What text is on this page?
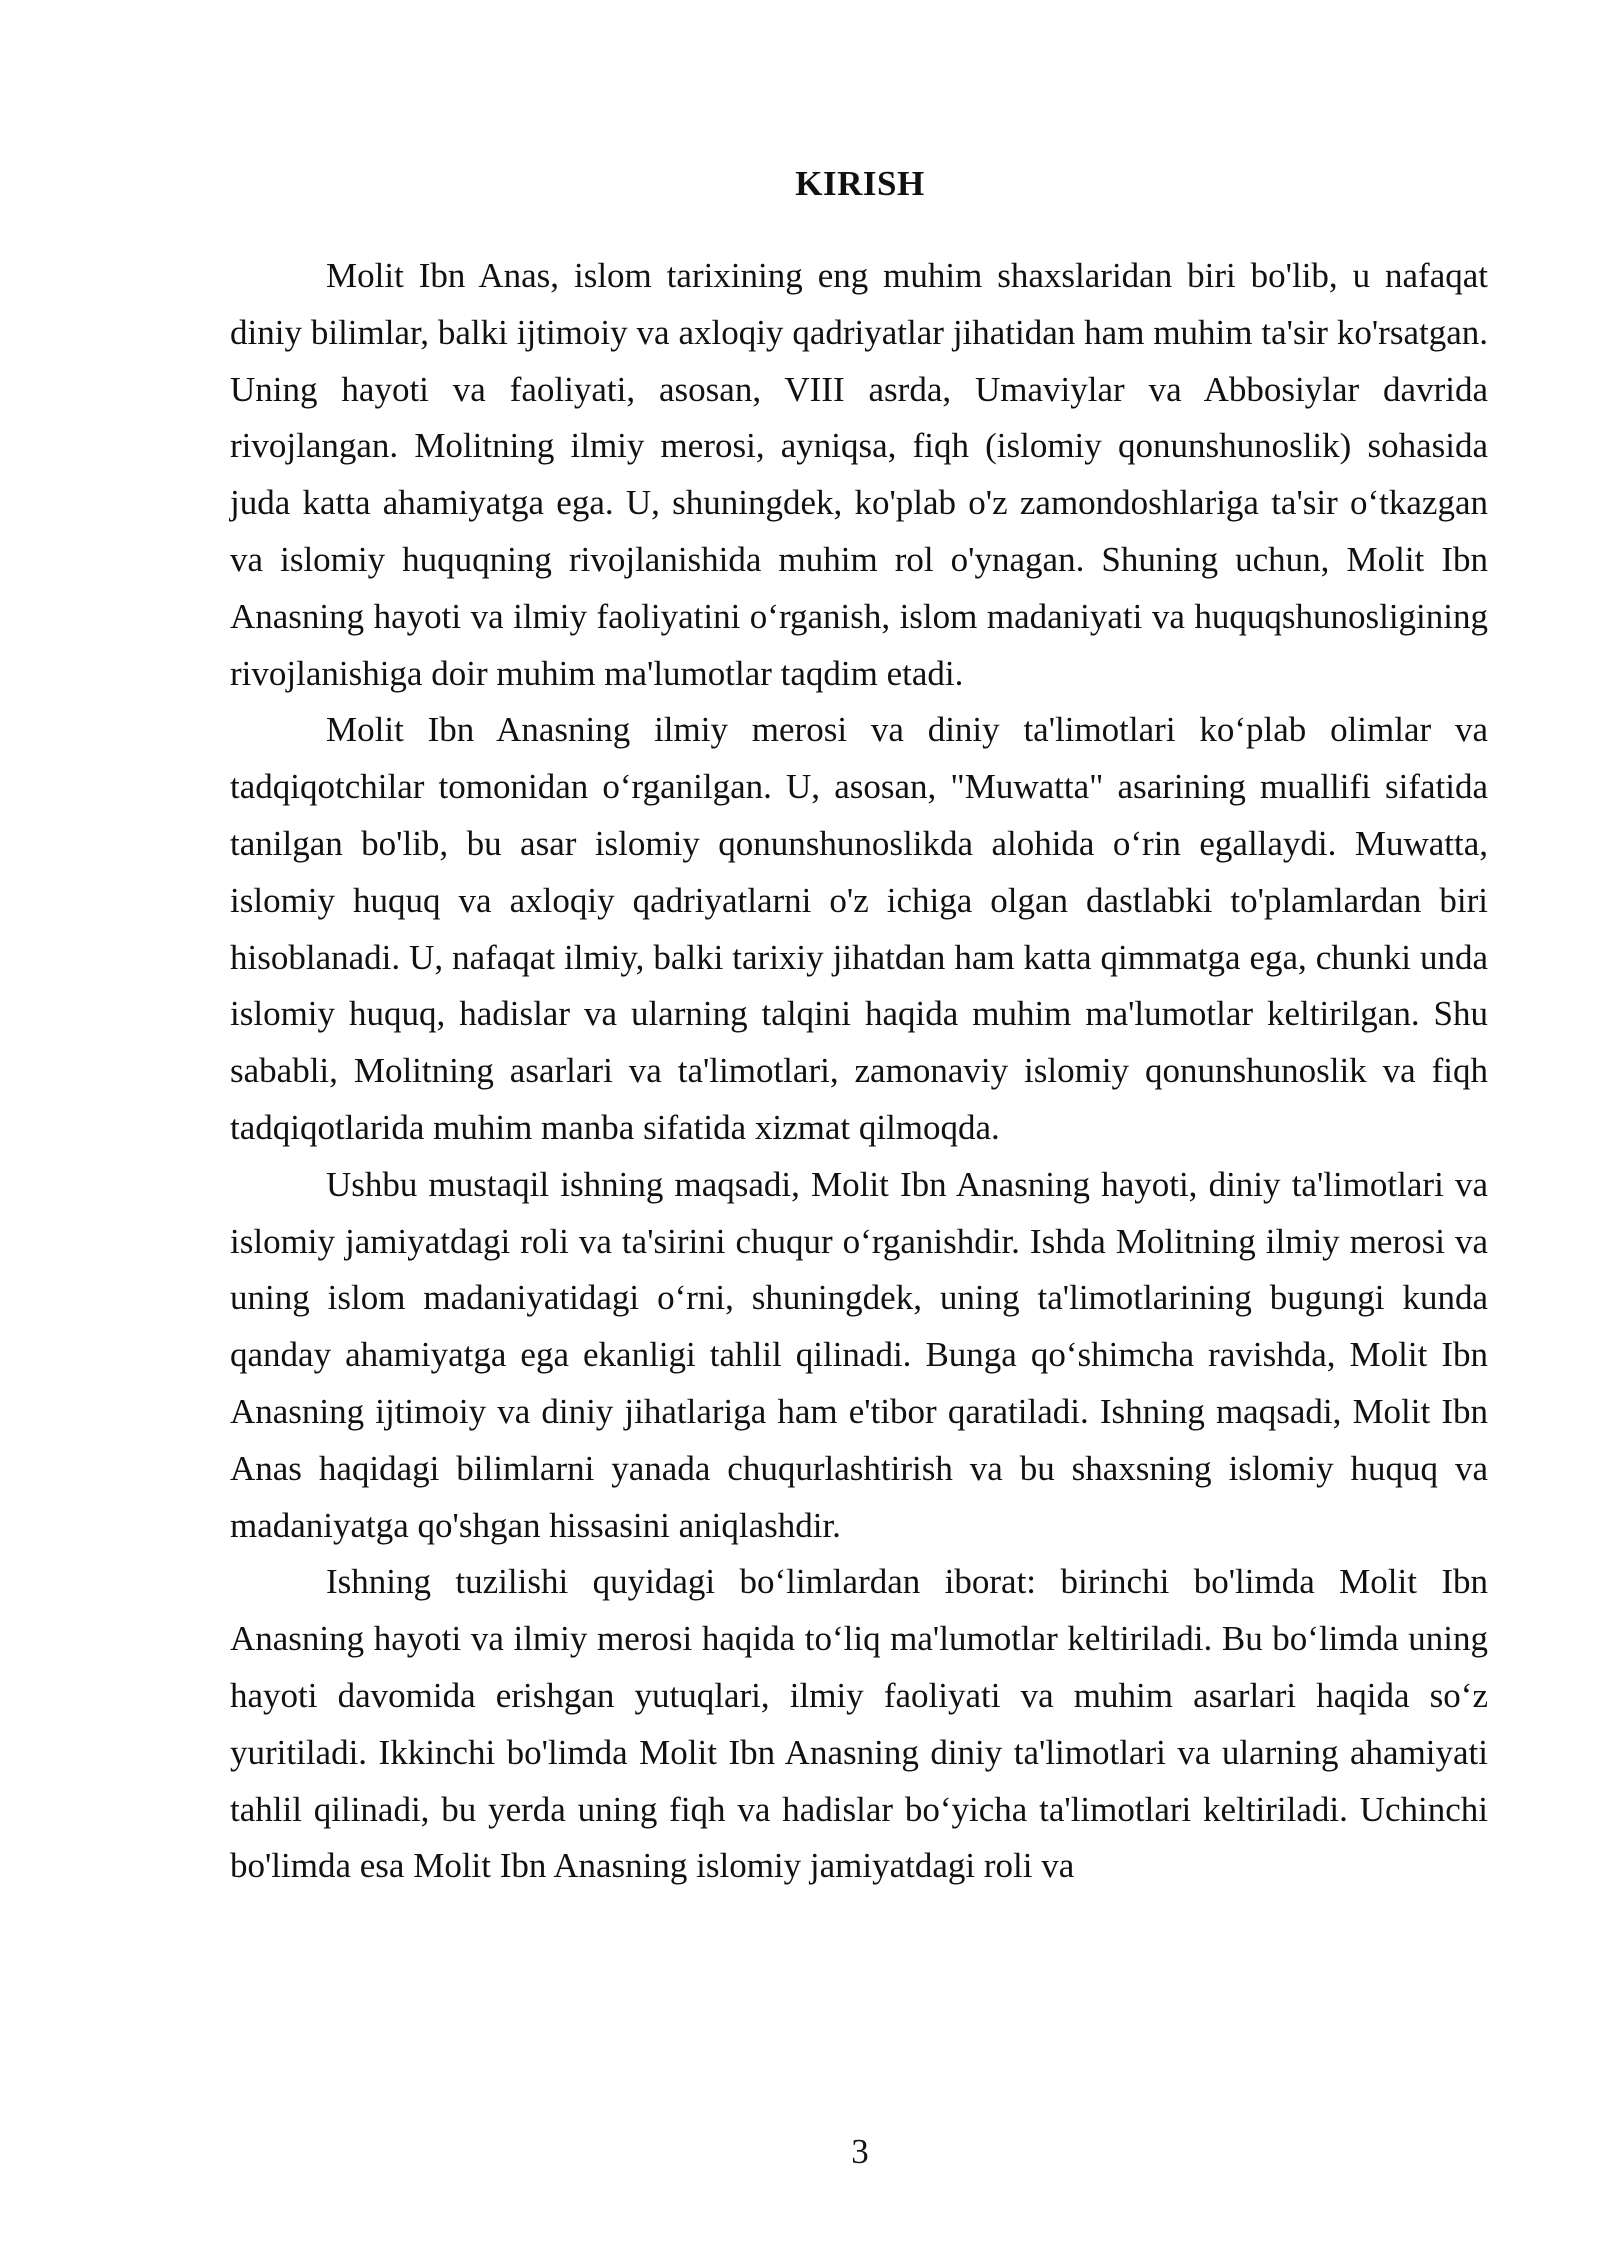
KIRISH

Molit Ibn Anas, islom tarixining eng muhim shaxslaridan biri bo'lib, u nafaqat diniy bilimlar, balki ijtimoiy va axloqiy qadriyatlar jihatidan ham muhim ta'sir ko'rsatgan. Uning hayoti va faoliyati, asosan, VIII asrda, Umaviylar va Abbosiylar davrida rivojlangan. Molitning ilmiy merosi, ayniqsa, fiqh (islomiy qonunshunoslik) sohasida juda katta ahamiyatga ega. U, shuningdek, ko'plab o'z zamondoshlariga ta'sir o‘tkazgan va islomiy huquqning rivojlanishida muhim rol o'ynagan. Shuning uchun, Molit Ibn Anasning hayoti va ilmiy faoliyatini o‘rganish, islom madaniyati va huquqshunosligining rivojlanishiga doir muhim ma'lumotlar taqdim etadi.

Molit Ibn Anasning ilmiy merosi va diniy ta'limotlari ko‘plab olimlar va tadqiqotchilar tomonidan o‘rganilgan. U, asosan, "Muwatta" asarining muallifi sifatida tanilgan bo'lib, bu asar islomiy qonunshunoslikda alohida o‘rin egallaydi. Muwatta, islomiy huquq va axloqiy qadriyatlarni o'z ichiga olgan dastlabki to'plamlardan biri hisoblanadi. U, nafaqat ilmiy, balki tarixiy jihatdan ham katta qimmatga ega, chunki unda islomiy huquq, hadislar va ularning talqini haqida muhim ma'lumotlar keltirilgan. Shu sababli, Molitning asarlari va ta'limotlari, zamonaviy islomiy qonunshunoslik va fiqh tadqiqotlarida muhim manba sifatida xizmat qilmoqda.

Ushbu mustaqil ishning maqsadi, Molit Ibn Anasning hayoti, diniy ta'limotlari va islomiy jamiyatdagi roli va ta'sirini chuqur o‘rganishdir. Ishda Molitning ilmiy merosi va uning islom madaniyatidagi o‘rni, shuningdek, uning ta'limotlarining bugungi kunda qanday ahamiyatga ega ekanligi tahlil qilinadi. Bunga qo‘shimcha ravishda, Molit Ibn Anasning ijtimoiy va diniy jihatlariga ham e'tibor qaratiladi. Ishning maqsadi, Molit Ibn Anas haqidagi bilimlarni yanada chuqurlashtirish va bu shaxsning islomiy huquq va madaniyatga qo'shgan hissasini aniqlashdir.

Ishning tuzilishi quyidagi bo‘limlardan iborat: birinchi bo'limda Molit Ibn Anasning hayoti va ilmiy merosi haqida to‘liq ma'lumotlar keltiriladi. Bu bo‘limda uning hayoti davomida erishgan yutuqlari, ilmiy faoliyati va muhim asarlari haqida so‘z yuritiladi. Ikkinchi bo'limda Molit Ibn Anasning diniy ta'limotlari va ularning ahamiyati tahlil qilinadi, bu yerda uning fiqh va hadislar bo‘yicha ta'limotlari keltiriladi. Uchinchi bo'limda esa Molit Ibn Anasning islomiy jamiyatdagi roli va

3
